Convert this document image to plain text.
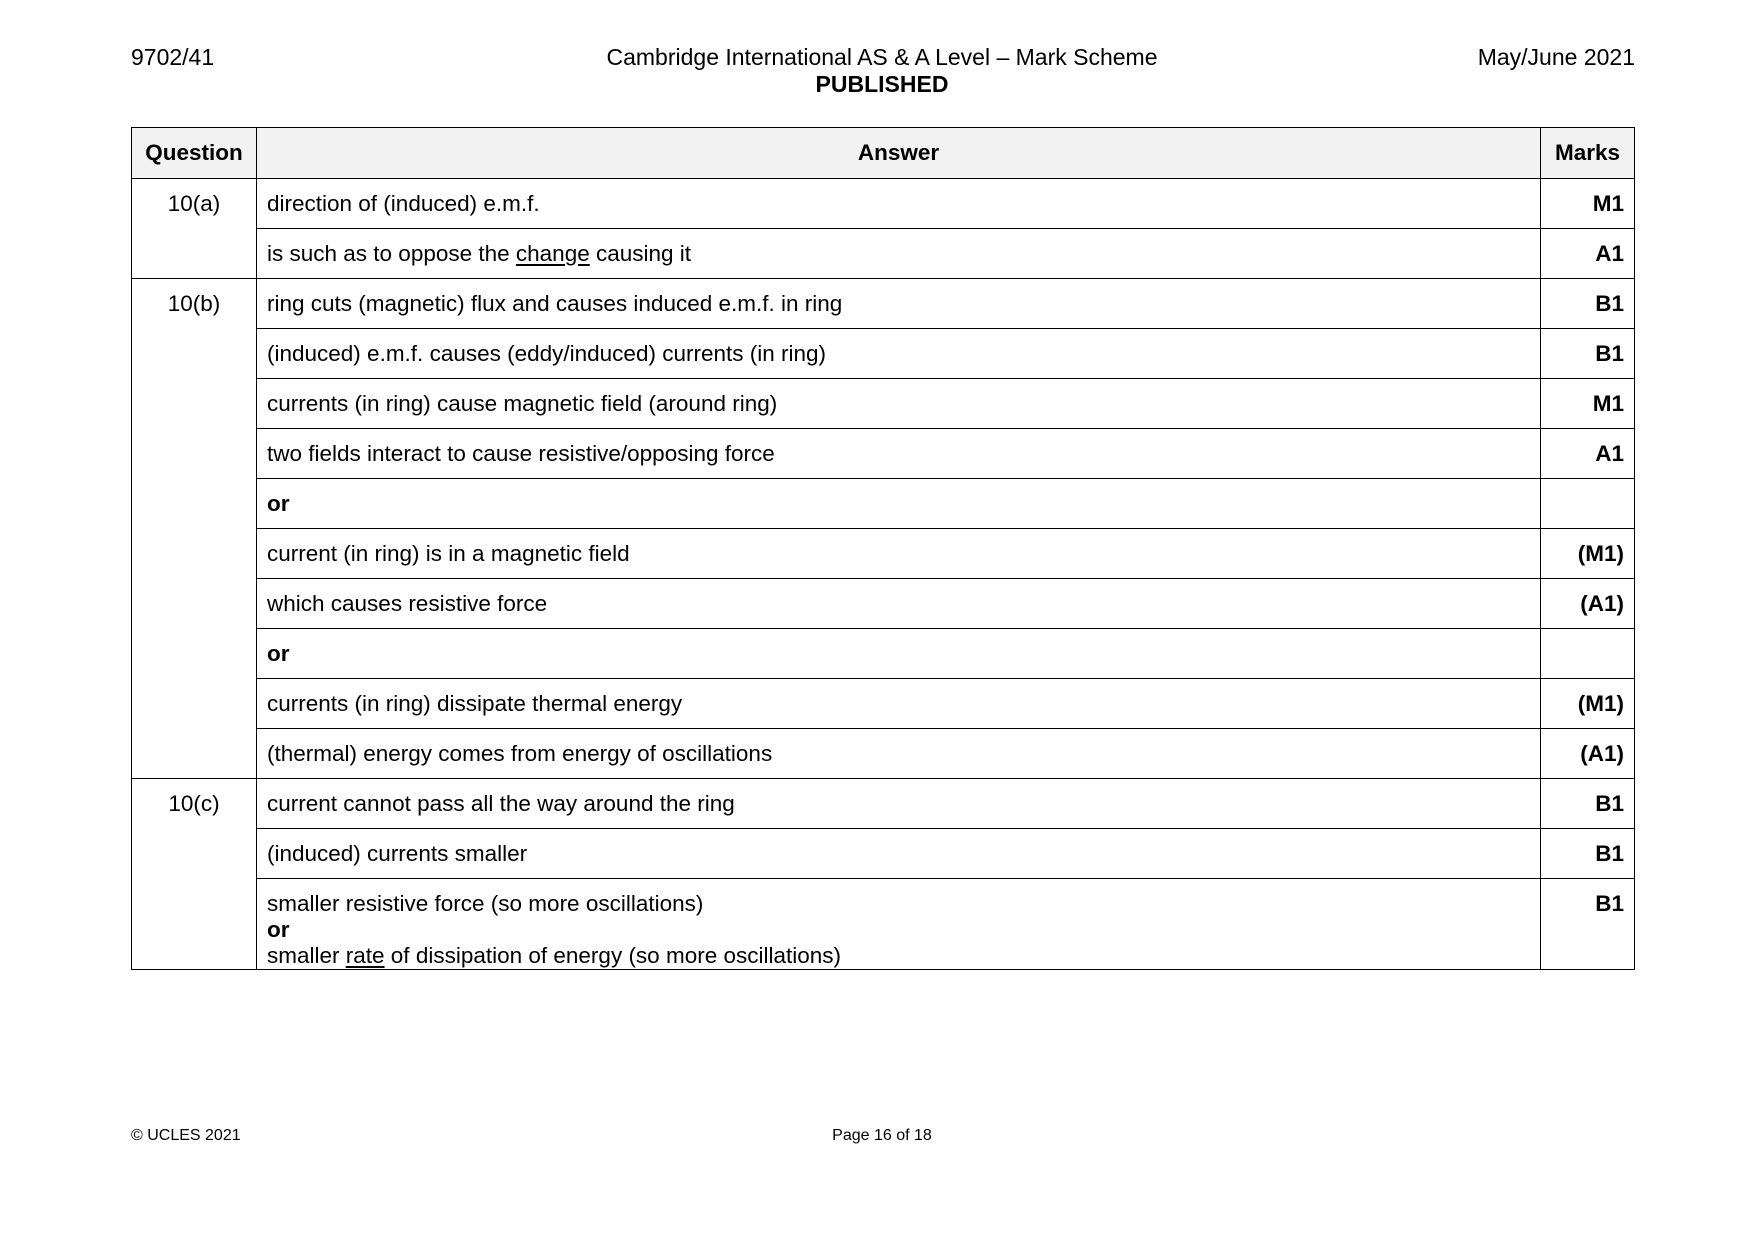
9702/41	Cambridge International AS & A Level – Mark Scheme
PUBLISHED
May/June 2021
Question	Answer	Marks
10(a)	direction of (induced) e.m.f.	M1
	is such as to oppose the change causing it	A1
10(b)	ring cuts (magnetic) flux and causes induced e.m.f. in ring	B1
	(induced) e.m.f. causes (eddy/induced) currents (in ring)	B1
	currents (in ring) cause magnetic field (around ring)	M1
	two fields interact to cause resistive/opposing force	A1
	or	
	current (in ring) is in a magnetic field	(M1)
	which causes resistive force	(A1)
	or	
	currents (in ring) dissipate thermal energy	(M1)
	(thermal) energy comes from energy of oscillations	(A1)
10(c)	current cannot pass all the way around the ring	B1
	(induced) currents smaller	B1

	smaller resistive force (so more oscillations)
or
smaller rate of dissipation of energy (so more oscillations)	B1
© UCLES 2021	Page 16 of 18
